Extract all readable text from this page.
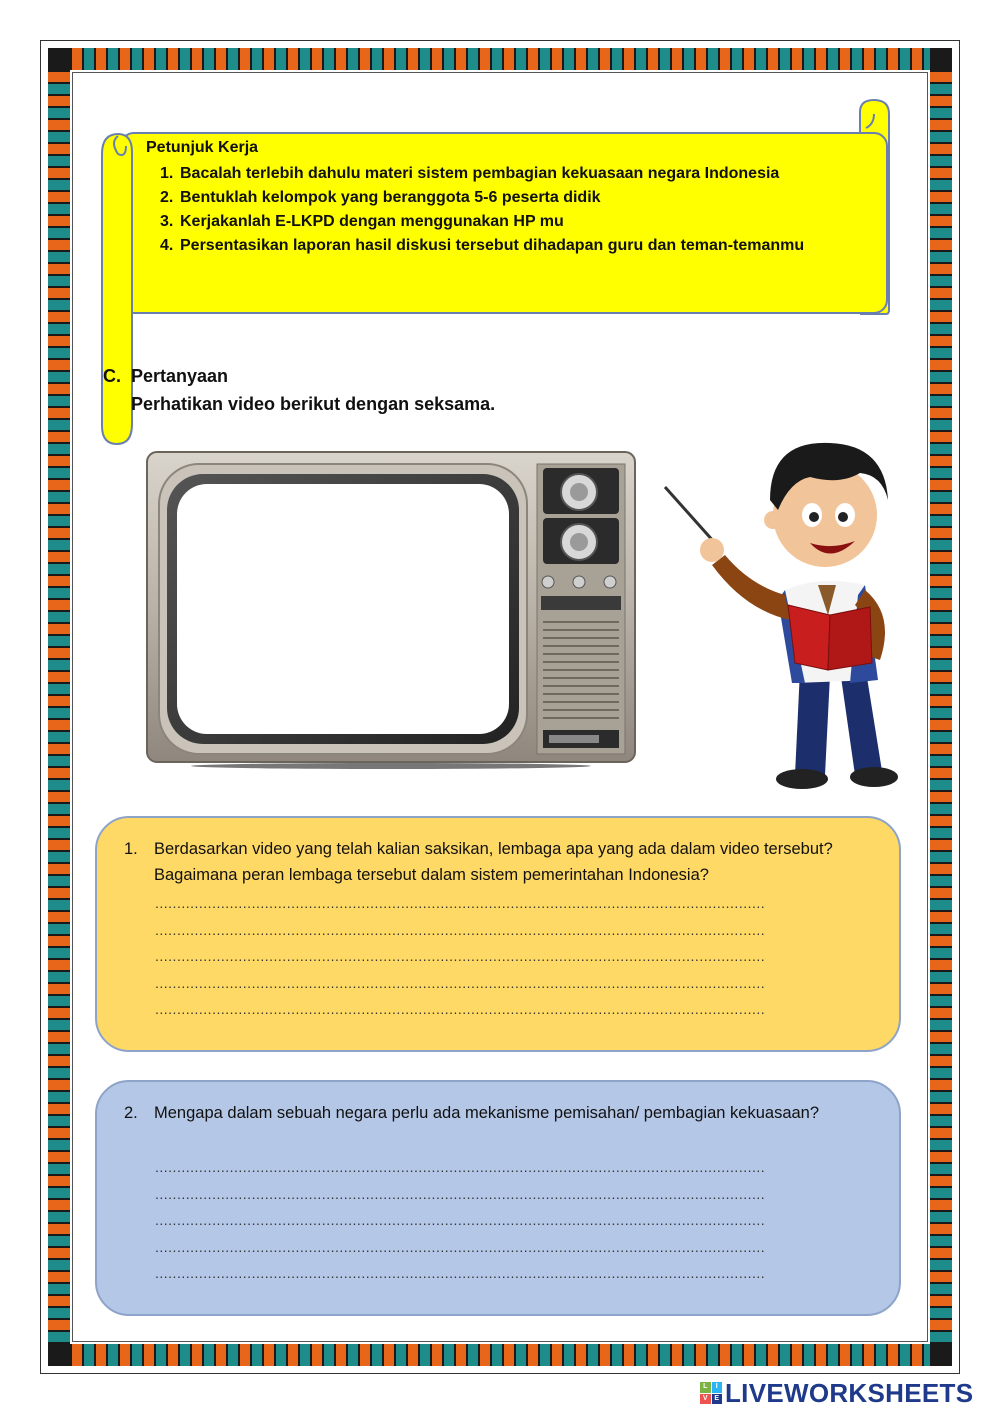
Petunjuk Kerja
1. Bacalah terlebih dahulu materi sistem pembagian kekuasaan negara Indonesia
2. Bentuklah kelompok yang beranggota 5-6 peserta didik
3. Kerjakanlah E-LKPD dengan menggunakan HP mu
4. Persentasikan laporan hasil diskusi tersebut dihadapan guru dan teman-temanmu
C. Pertanyaan
Perhatikan video berikut dengan seksama.
1. Berdasarkan video yang telah kalian saksikan, lembaga apa yang ada dalam video tersebut? Bagaimana peran lembaga tersebut dalam sistem pemerintahan Indonesia?
...........................................................................................................................................
...........................................................................................................................................
...........................................................................................................................................
...........................................................................................................................................
...........................................................................................................................................
2. Mengapa dalam sebuah negara perlu ada mekanisme pemisahan/ pembagian kekuasaan?
...........................................................................................................................................
...........................................................................................................................................
...........................................................................................................................................
...........................................................................................................................................
...........................................................................................................................................
L	I
V E LIVEWORKSHEETS
